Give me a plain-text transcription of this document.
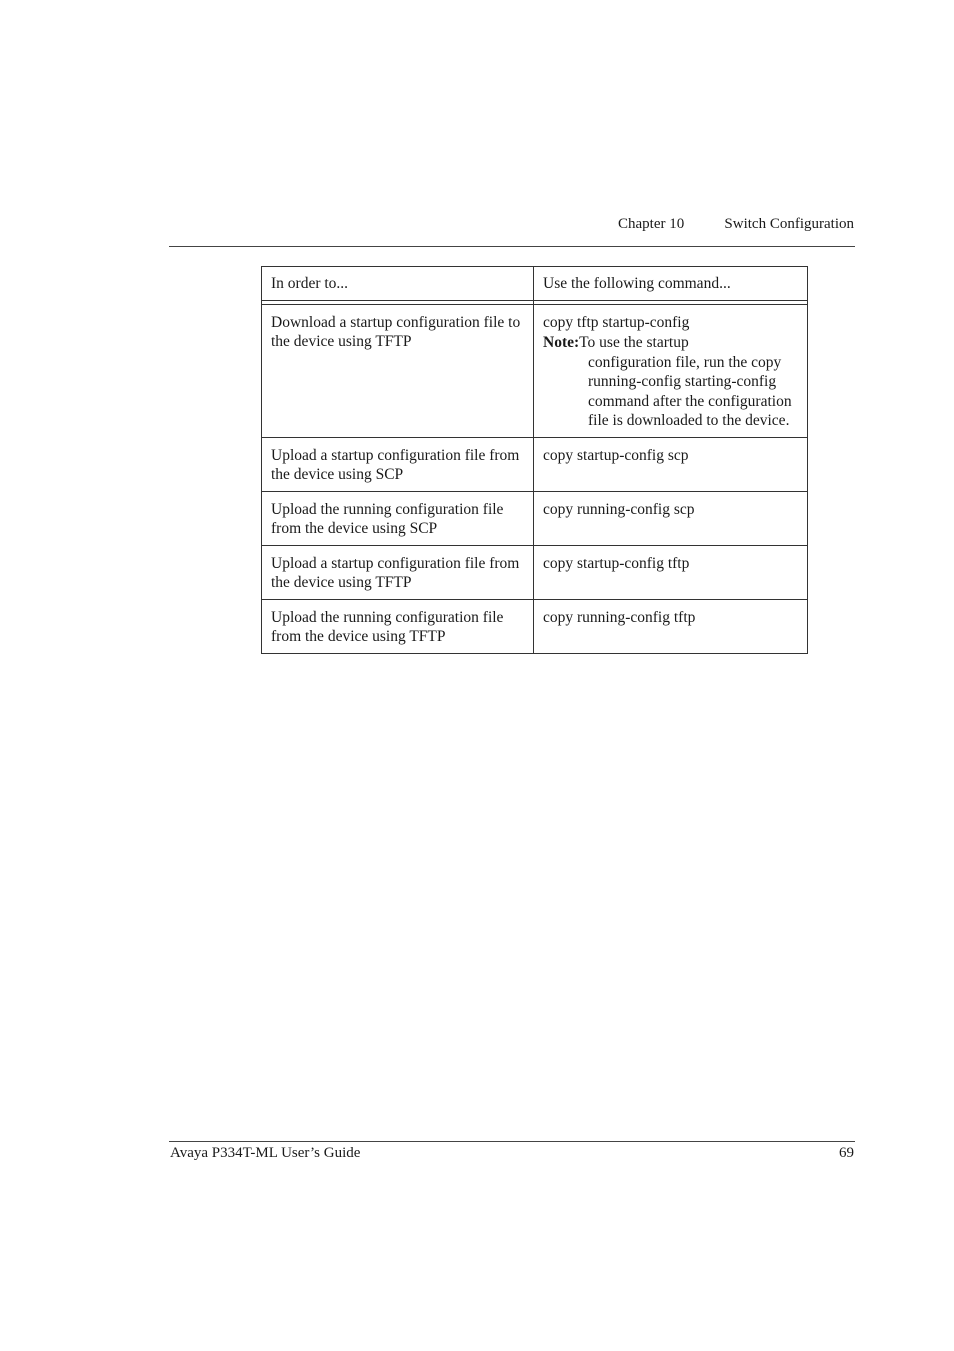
Chapter 10	Switch Configuration
In order to...	Use the following command...

Download a startup configuration file to the device using TFTP	copy tftp startup-config
Note: To use the startup
configuration file, run the copy running-config starting-config command after the configuration file is downloaded to the device.

Upload a startup configuration file from the device using SCP	copy startup-config scp
Upload the running configuration file from the device using SCP	copy running-config scp
Upload a startup configuration file from the device using TFTP	copy startup-config tftp
Upload the running configuration file from the device using TFTP	copy running-config tftp
Avaya P334T-ML User’s Guide	69
